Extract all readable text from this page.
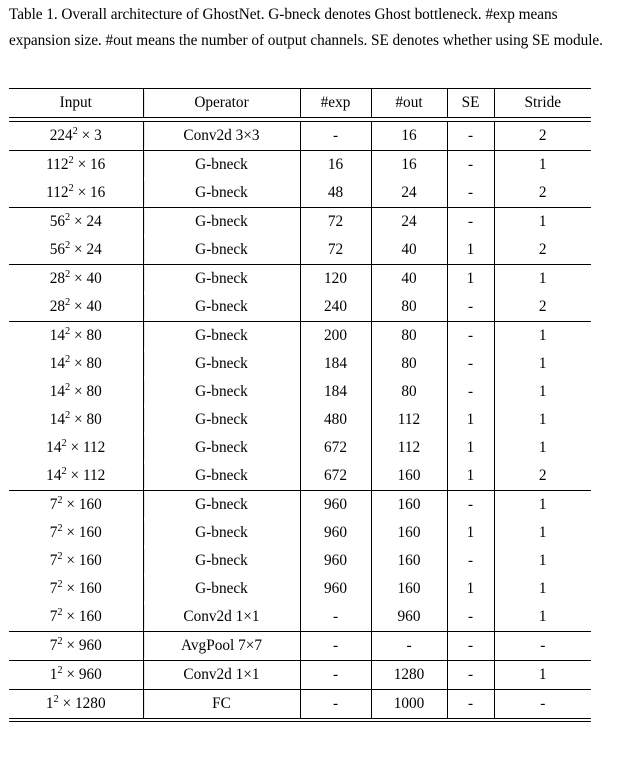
Table 1. Overall architecture of GhostNet. G-bneck denotes Ghost bottleneck. #exp means expansion size. #out means the number of output channels. SE denotes whether using SE module.
Input	Operator	#exp	#out	SE	Stride

$224^2 \times 3$	Conv2d 3×3	-	16	-	2
$112^2 \times 16$	G-bneck	16	16	-	1
$112^2 \times 16$	G-bneck	48	24	-	2
$56^2 \times 24$	G-bneck	72	24	-	1
$56^2 \times 24$	G-bneck	72	40	1	2
$28^2 \times 40$	G-bneck	120	40	1	1
$28^2 \times 40$	G-bneck	240	80	-	2
$14^2 \times 80$	G-bneck	200	80	-	1
$14^2 \times 80$	G-bneck	184	80	-	1
$14^2 \times 80$	G-bneck	184	80	-	1
$14^2 \times 80$	G-bneck	480	112	1	1
$14^2 \times 112$	G-bneck	672	112	1	1
$14^2 \times 112$	G-bneck	672	160	1	2
$7^2 \times 160$	G-bneck	960	160	-	1
$7^2 \times 160$	G-bneck	960	160	1	1
$7^2 \times 160$	G-bneck	960	160	-	1
$7^2 \times 160$	G-bneck	960	160	1	1
$7^2 \times 160$	Conv2d 1×1	-	960	-	1
$7^2 \times 960$	AvgPool 7×7	-	-	-	-
$1^2 \times 960$	Conv2d 1×1	-	1280	-	1
$1^2 \times 1280$	FC	-	1000	-	-
